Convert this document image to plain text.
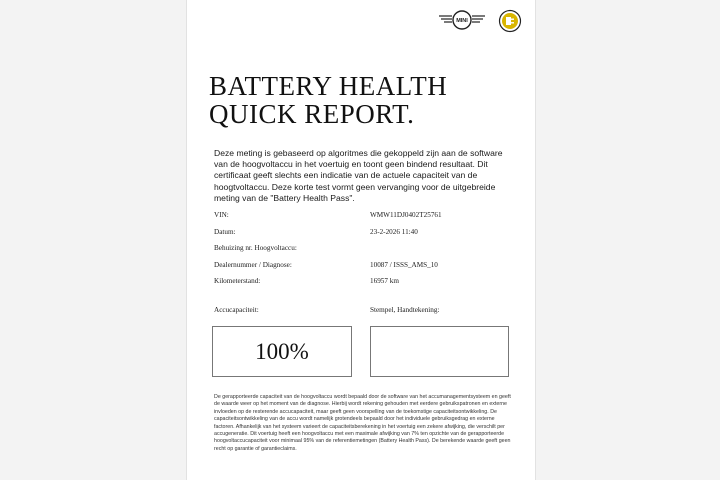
MINI
BATTERY HEALTH
QUICK REPORT.
Deze meting is gebaseerd op algoritmes die gekoppeld zijn aan de software van de hoogvoltaccu in het voertuig en toont geen bindend resultaat. Dit certificaat geeft slechts een indicatie van de actuele capaciteit van de hoogtvoltaccu. Deze korte test vormt geen vervanging voor de uitgebreide meting van de "Battery Health Pass".
VIN:	WMW11DJ0402T25761
Datum:	23-2-2026 11:40
Behuizing nr. Hoogvoltaccu:
Dealernummer / Diagnose:	10087 / ISSS_AMS_10
Kilometerstand:	16957 km
Accucapaciteit:	Stempel, Handtekening:
100%
De gerapporteerde capaciteit van de hoogvoltaccu wordt bepaald door de software van het accumanagementsysteem en geeft de waarde weer op het moment van de diagnose. Hierbij wordt rekening gehouden met eerdere gebruikspatronen en externe invloeden op de resterende accucapaciteit, maar geeft geen voorspelling van de toekomstige capaciteitsontwikkeling. De capaciteitsontwikkeling van de accu wordt namelijk grotendeels bepaald door het individuele gebruiksgedrag en externe factoren. Afhankelijk van het systeem varieert de capaciteitsberekening in het voertuig een zekere afwijking, die verschilt per accugeneratie. Dit voertuig heeft een hoogvoltaccu met een maximale afwijking van 7% ten opzichte van de gerapporteerde hoogvoltaccucapaciteit voor minimaal 95% van de referentiemetingen (Battery Health Pass). De berekende waarde geeft geen recht op garantie of garantieclaims.
